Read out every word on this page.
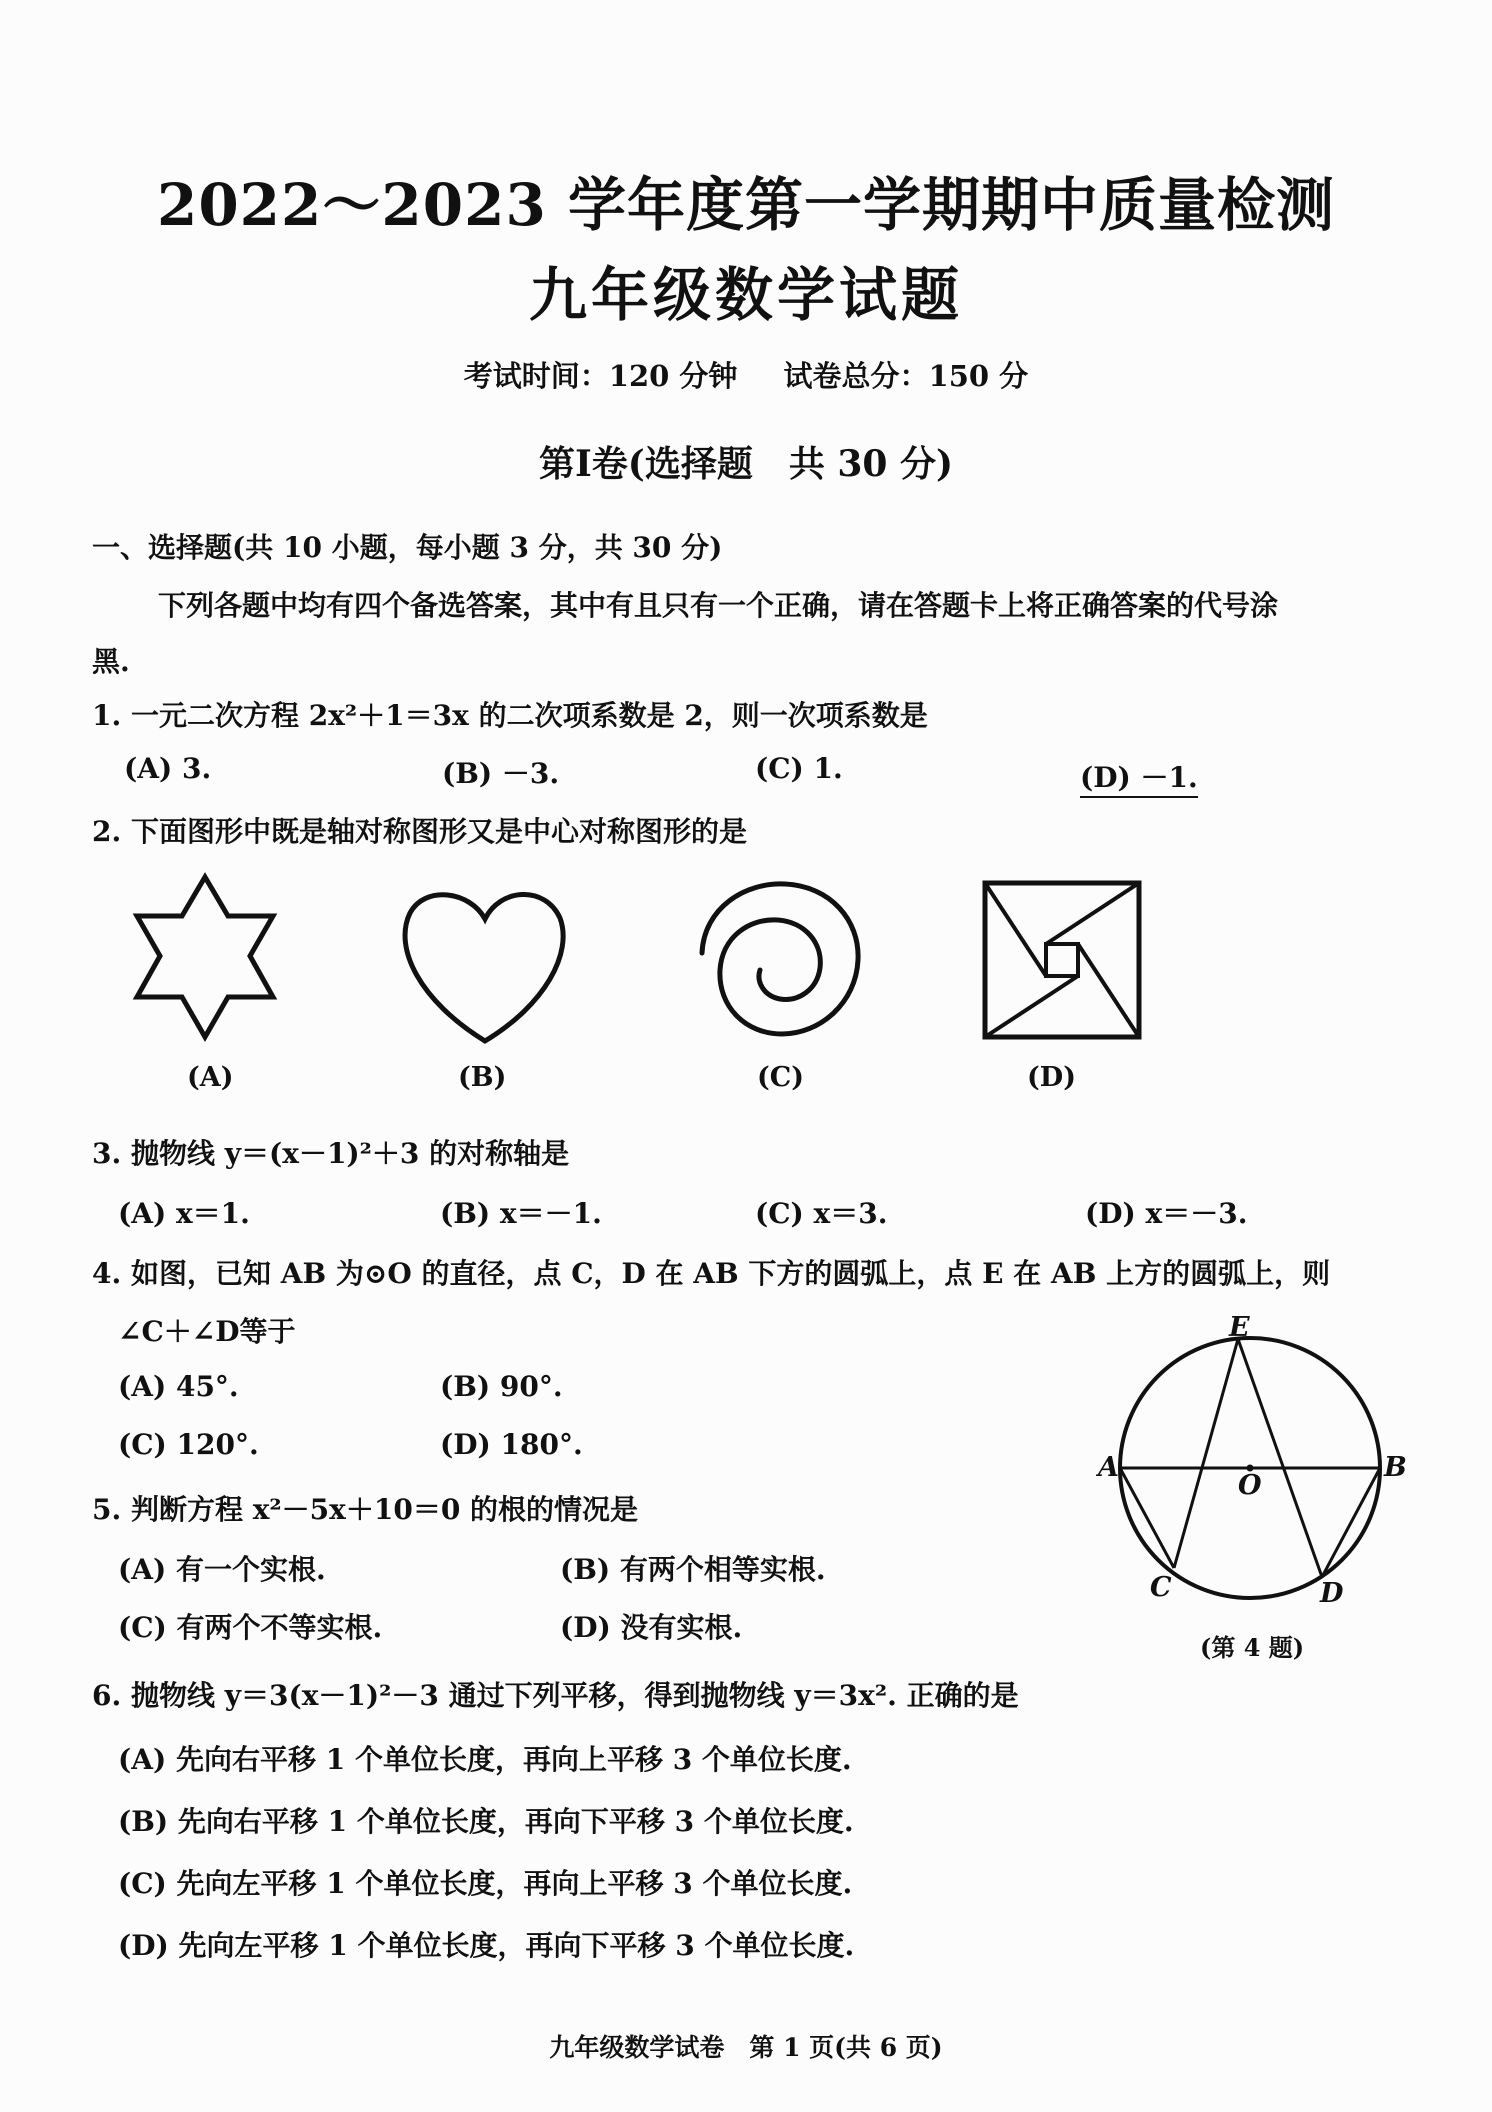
2022～2023 学年度第一学期期中质量检测
九年级数学试题
考试时间：120 分钟 试卷总分：150 分
第Ⅰ卷(选择题　共 30 分)
一、选择题(共 10 小题，每小题 3 分，共 30 分)
下列各题中均有四个备选答案，其中有且只有一个正确，请在答题卡上将正确答案的代号涂
黑.
1. 一元二次方程 2x²＋1＝3x 的二次项系数是 2，则一次项系数是
(A) 3.	(B) －3.	(C) 1.	(D) －1.
2. 下面图形中既是轴对称图形又是中心对称图形的是
(A)	(B)	(C)	(D)
3. 抛物线 y＝(x－1)²＋3 的对称轴是
(A) x＝1.	(B) x＝－1.	(C) x＝3.	(D) x＝－3.
4. 如图，已知 AB 为⊙O 的直径，点 C，D 在 AB 下方的圆弧上，点 E 在 AB 上方的圆弧上，则
∠C＋∠D等于
(A) 45°.	(B) 90°.
(C) 120°.	(D) 180°.
E
A	B
O
C	D
(第 4 题)
5. 判断方程 x²－5x＋10＝0 的根的情况是
(A) 有一个实根.	(B) 有两个相等实根.
(C) 有两个不等实根.	(D) 没有实根.
6. 抛物线 y＝3(x－1)²－3 通过下列平移，得到抛物线 y＝3x². 正确的是
(A) 先向右平移 1 个单位长度，再向上平移 3 个单位长度.
(B) 先向右平移 1 个单位长度，再向下平移 3 个单位长度.
(C) 先向左平移 1 个单位长度，再向上平移 3 个单位长度.
(D) 先向左平移 1 个单位长度，再向下平移 3 个单位长度.
九年级数学试卷　第 1 页(共 6 页)
